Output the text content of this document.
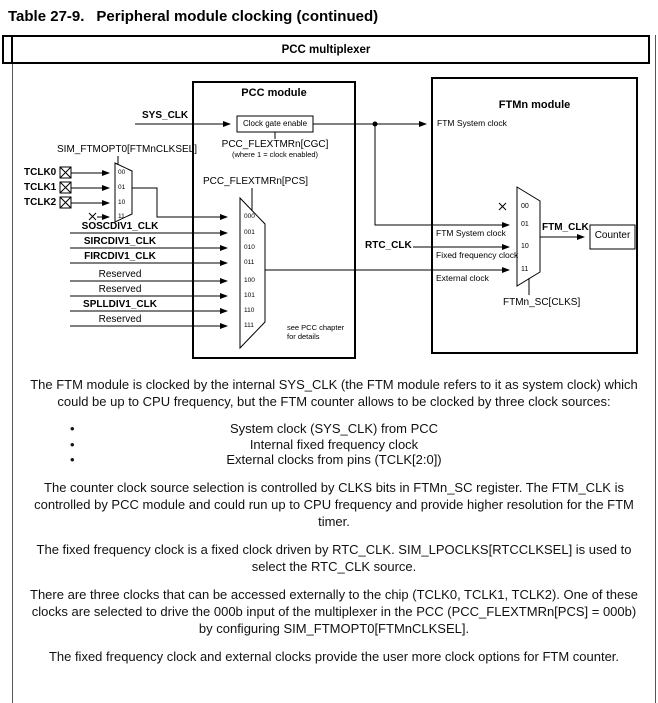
Table 27-9. Peripheral module clocking (continued)
PCC multiplexer
PCC module
FTMn module
SYS_CLK
Clock gate enable
PCC_FLEXTMRn[CGC]
(where 1 = clock enabled)
SIM_FTMOPT0[FTMnCLKSEL]
TCLK0
TCLK1
TCLK2
00
01
10
11
PCC_FLEXTMRn[PCS]
SOSCDIV1_CLK
SIRCDIV1_CLK
FIRCDIV1_CLK
Reserved
Reserved
SPLLDIV1_CLK
Reserved
000
001
010
011
100
101
110
111	see PCC chapter
for details
FTM System clock
RTC_CLK
00
01
10
11
FTM System clock
Fixed frequency clock
External clock
FTM_CLK
Counter
FTMn_SC[CLKS]

The FTM module is clocked by the internal SYS_CLK (the FTM module refers to it as system clock) which could be up to CPU frequency, but the FTM counter allows to be clocked by three clock sources:

•	System clock (SYS_CLK) from PCC
•	Internal fixed frequency clock
•	External clocks from pins (TCLK[2:0])

The counter clock source selection is controlled by CLKS bits in FTMn_SC register. The FTM_CLK is controlled by PCC module and could run up to CPU frequency and provide higher resolution for the FTM timer.

The fixed frequency clock is a fixed clock driven by RTC_CLK. SIM_LPOCLKS[RTCCLKSEL] is used to select the RTC_CLK source.

There are three clocks that can be accessed externally to the chip (TCLK0, TCLK1, TCLK2). One of these clocks are selected to drive the 000b input of the multiplexer in the PCC (PCC_FLEXTMRn[PCS] = 000b) by configuring SIM_FTMOPT0[FTMnCLKSEL].

The fixed frequency clock and external clocks provide the user more clock options for FTM counter.
